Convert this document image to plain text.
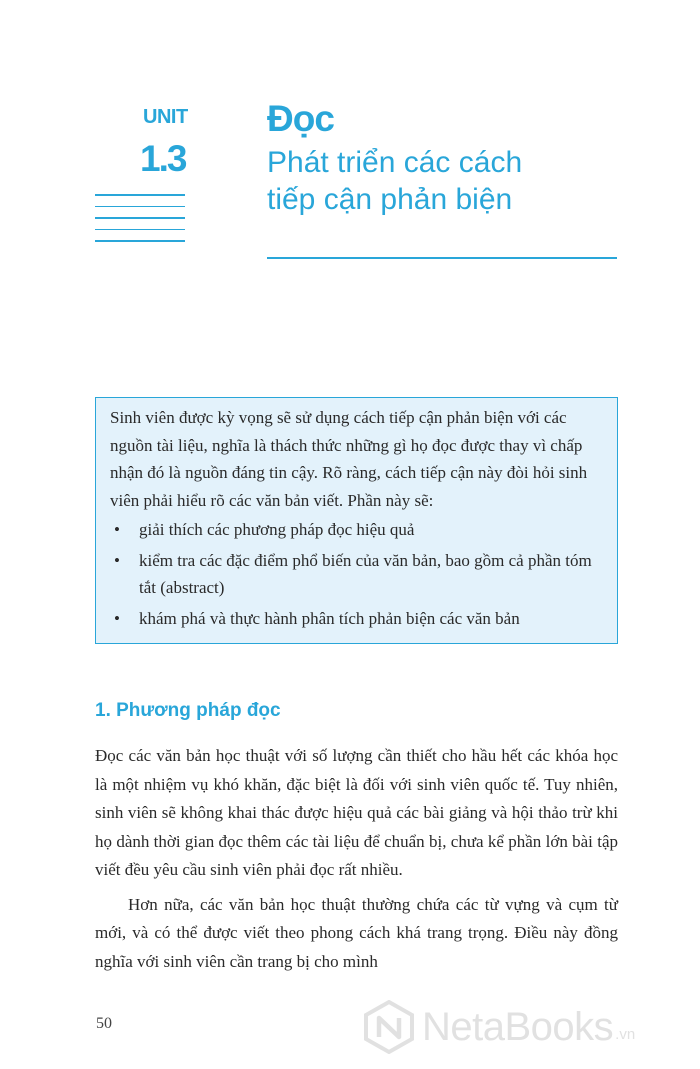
UNIT
1.3
Đọc
Phát triển các cách
tiếp cận phản biện

Sinh viên được kỳ vọng sẽ sử dụng cách tiếp cận phản biện với các nguồn tài liệu, nghĩa là thách thức những gì họ đọc được thay vì chấp nhận đó là nguồn đáng tin cậy. Rõ ràng, cách tiếp cận này đòi hỏi sinh viên phải hiểu rõ các văn bản viết. Phần này sẽ:

• giải thích các phương pháp đọc hiệu quả
• kiểm tra các đặc điểm phổ biến của văn bản, bao gồm cả phần tóm tắt (abstract)
• khám phá và thực hành phân tích phản biện các văn bản
1. Phương pháp đọc

Đọc các văn bản học thuật với số lượng cần thiết cho hầu hết các khóa học là một nhiệm vụ khó khăn, đặc biệt là đối với sinh viên quốc tế. Tuy nhiên, sinh viên sẽ không khai thác được hiệu quả các bài giảng và hội thảo trừ khi họ dành thời gian đọc thêm các tài liệu để chuẩn bị, chưa kể phần lớn bài tập viết đều yêu cầu sinh viên phải đọc rất nhiều.

Hơn nữa, các văn bản học thuật thường chứa các từ vựng và cụm từ mới, và có thể được viết theo phong cách khá trang trọng. Điều này đồng nghĩa với sinh viên cần trang bị cho mình

50	NetaBooks .vn
